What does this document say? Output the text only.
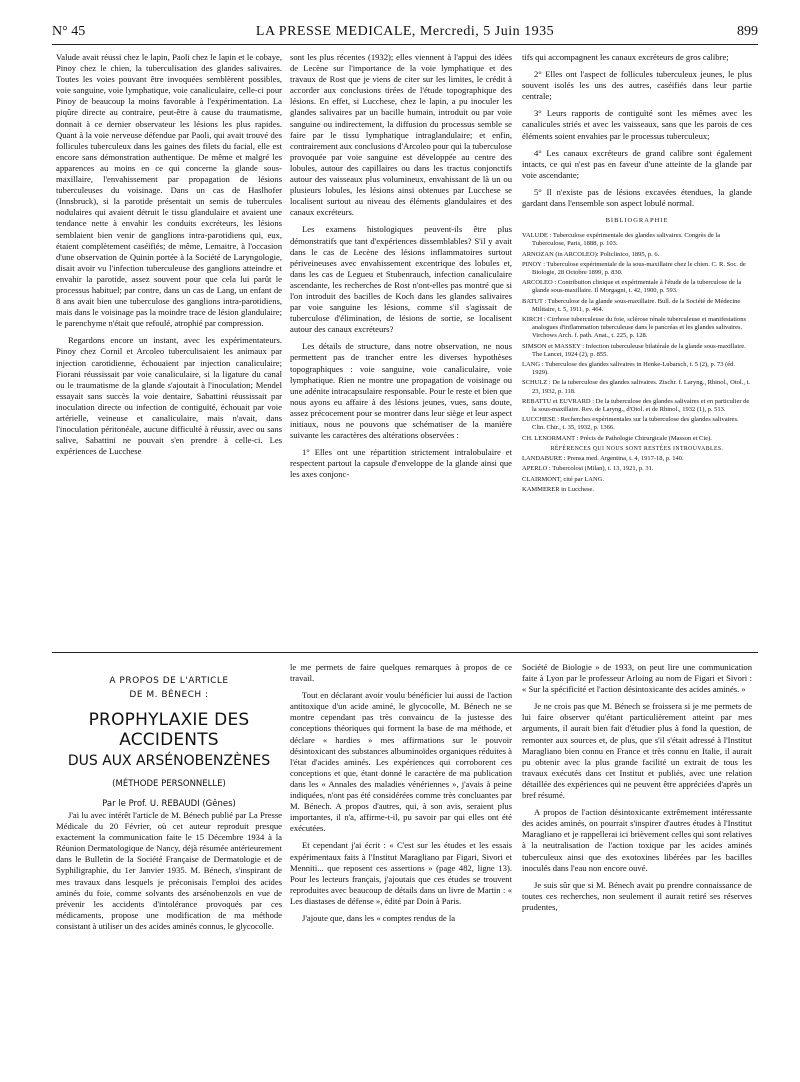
N° 45	LA PRESSE MEDICALE, Mercredi, 5 Juin 1935	899

Valude avait réussi chez le lapin, Paoli chez le lapin et le cobaye, Pinoy chez le chien, la tuberculisation des glandes salivaires. Toutes les voies pouvant être invoquées semblèrent possibles, voie sanguine, voie lymphatique, voie canaliculaire, celle-ci pour Pinoy de beaucoup la moins favorable à l'expérimentation. La piqûre directe au contraire, peut-être à cause du traumatisme, donnait à ce dernier observateur les lésions les plus rapides. Quant à la voie nerveuse défendue par Paoli, qui avait trouvé des follicules tuberculeux dans les gaines des filets du facial, elle est encore sans démonstration authentique. De même et malgré les apparences au moins en ce qui concerne la glande sous-maxillaire, l'envahissement par propagation de lésions tuberculeuses du voisinage. Dans un cas de Haslhofer (Innsbruck), si la parotide présentait un semis de tubercules nodulaires qui avaient détruit le tissu glandulaire et avaient une tendance nette à envahir les conduits excréteurs, les lésions semblaient bien venir de ganglions intra-parotidiens qui, eux, étaient complètement caséifiés; de même, Lemaitre, à l'occasion d'une observation de Quinin portée à la Société de Laryngologie, disait avoir vu l'infection tuberculeuse des ganglions atteindre et envahir la parotide, assez souvent pour que cela lui parût le processus habituel; par contre, dans un cas de Lang, un enfant de 8 ans avait bien une tuberculose des ganglions intra-parotidiens, mais dans le voisinage pas la moindre trace de lésion glandulaire; le parenchyme n'était que refoulé, atrophié par compression.

Regardons encore un instant, avec les expérimentateurs. Pinoy chez Cornil et Arcoleo tuberculisaient les animaux par injection carotidienne, échouaient par injection canaliculaire; Fiorani réussissait par voie canaliculaire, si la ligature du canal ou le traumatisme de la glande s'ajoutait à l'inoculation; Mendel essayait sans succès la voie dentaire, Sabattini réussissait par inoculation directe ou infection de contiguïté, échouait par voie artérielle, veineuse et canaliculaire, mais n'avait, dans l'inoculation péritonéale, aucune difficulté à réussir, avec ou sans salive, Sabattini ne pouvait s'en prendre à celle-ci. Les expériences de Lucchese

sont les plus récentes (1932); elles viennent à l'appui des idées de Lecène sur l'importance de la voie lymphatique et des travaux de Rost que je viens de citer sur les limites, le crédit à accorder aux conclusions tirées de l'étude topographique des lésions. En effet, si Lucchese, chez le lapin, a pu inoculer les glandes salivaires par un bacille humain, introduit ou par voie sanguine ou indirectement, la diffusion du processus semble se faire par le tissu lymphatique intraglandulaire; et enfin, contrairement aux conclusions d'Arcoleo pour qui la tuberculose provoquée par voie sanguine est développée au centre des lobules, autour des capillaires ou dans les tractus conjonctifs autour des vaisseaux plus volumineux, envahissant de là un ou plusieurs lobules, les lésions ainsi obtenues par Lucchese se localisent surtout au niveau des éléments glandulaires et des canaux excréteurs.

Les examens histologiques peuvent-ils être plus démonstratifs que tant d'expériences dissemblables? S'il y avait dans le cas de Lecène des lésions inflammatoires surtout périveineuses avec envahissement excentrique des lobules et, dans les cas de Legueu et Stubenrauch, infection canaliculaire ascendante, les recherches de Rost n'ont-elles pas montré que si l'on introduit des bacilles de Koch dans les glandes salivaires par voie sanguine les lésions, comme s'il s'agissait de tuberculose d'élimination, de lésions de sortie, se localisent autour des canaux excréteurs?

Les détails de structure, dans notre observation, ne nous permettent pas de trancher entre les diverses hypothèses topographiques : voie sanguine, voie canaliculaire, voie lymphatique. Rien ne montre une propagation de voisinage ou une adénite intracapsulaire responsable. Pour le reste et bien que nous ayons eu affaire à des lésions jeunes, vues, sans doute, assez précocement pour se montrer dans leur siège et leur aspect initiaux, nous ne pouvons que schématiser de la manière suivante les caractères des altérations observées :

1° Elles ont une répartition strictement intralobulaire et respectent partout la capsule d'enveloppe de la glande ainsi que les axes conjonc-

tifs qui accompagnent les canaux excréteurs de gros calibre;

2° Elles ont l'aspect de follicules tuberculeux jeunes, le plus souvent isolés les uns des autres, caséifiés dans leur partie centrale;

3° Leurs rapports de contiguïté sont les mêmes avec les canalicules striés et avec les vaisseaux, sans que les parois de ces éléments soient envahies par le processus tuberculeux;

4° Les canaux excréteurs de grand calibre sont également intacts, ce qui n'est pas en faveur d'une atteinte de la glande par voie ascendante;

5° Il n'existe pas de lésions excavées étendues, la glande gardant dans l'ensemble son aspect lobulé normal.

BIBLIOGRAPHIE
VALUDE : Tuberculose expérimentale des glandes salivaires. Congrès de la Tuberculose, Paris, 1888, p. 103.
ARNOZAN (in ARCOLEO): Policlinico, 1895, p. 6.
PINOY : Tuberculose expérimentale de la sous-maxillaire chez le chien. C. R. Soc. de Biologie, 28 Octobre 1899, p. 830.
ARCOLEO : Contribution clinique et expérimentale à l'étude de la tuberculose de la glande sous-maxillaire. Il Morgagni, t. 42, 1900, p. 593.
BATUT : Tuberculose de la glande sous-maxillaire. Bull. de la Société de Médecine Militaire, t. 5, 1911, p. 464.
KIRCH : Cirrhose tuberculeuse du foie, sclérose rénale tuberculeuse et manifestations analogues d'inflammation tuberculeuse dans le pancréas et les glandes salivaires. Virchows Arch. f. path. Anat., t. 225, p. 128.
SIMSON et MASSEY : Infection tuberculeuse bilatérale de la glande sous-maxillaire. The Lancet, 1924 (2), p. 855.
LANG : Tuberculose des glandes salivaires in Henke-Lubarsch, t. 5 (2), p. 73 (éd. 1929).
SCHULZ : De la tuberculose des glandes salivaires. Ztschr. f. Laryng., Rhinol., Otol., t. 23, 1932, p. 118.
REBATTU et EUVRARD : De la tuberculose des glandes salivaires et en particulier de la sous-maxillaire. Rev. de Laryng., d'Otol. et de Rhinol., 1932 (1), p. 513.
LUCCHESE : Recherches expérimentales sur la tuberculose des glandes salivaires. Clin. Chir., t. 35, 1932, p. 1366.
CH. LENORMANT : Précis de Pathologie Chirurgicale (Masson et Cie).
RÉFÉRENCES QUI NOUS SONT RESTÉES INTROUVABLES.
LANDABURE : Prensa med. Argentina, t. 4, 1917-18, p. 140.
APERLO : Tubercolosi (Milan), t. 13, 1921, p. 31.
CLAIRMONT, cité par LANG.
KAMMERER in Lucchese.
A PROPOS DE L'ARTICLE
DE M. BÉNECH :
PROPHYLAXIE DES ACCIDENTS
DUS AUX ARSÉNOBENZÈNES
(MÉTHODE PERSONNELLE)
Par le Prof. U. REBAUDI (Gênes)

J'ai lu avec intérêt l'article de M. Bénech publié par La Presse Médicale du 20 Février, où cet auteur reproduit presque exactement la communication faite le 15 Décembre 1934 à la Réunion Dermatologique de Nancy, déjà résumée antérieurement dans le Bulletin de la Société Française de Dermatologie et de Syphiligraphie, du 1er Janvier 1935. M. Bénech, s'inspirant de mes travaux dans lesquels je préconisais l'emploi des acides aminés du foie, comme solvants des arsénobenzols en vue de prévenir les accidents d'intolérance provoqués par ces médicaments, propose une modification de ma méthode consistant à utiliser un des acides aminés connus, le glycocolle.

le me permets de faire quelques remarques à propos de ce travail.

Tout en déclarant avoir voulu bénéficier lui aussi de l'action antitoxique d'un acide aminé, le glycocolle, M. Bénech ne se montre cependant pas très convaincu de la justesse des conceptions théoriques qui forment la base de ma méthode, et déclare « hardies » mes affirmations sur le pouvoir désintoxicant des substances albuminoïdes organiques réduites à l'état d'acides aminés. Les expériences qui corroborent ces conceptions et que, étant donné le caractère de ma publication dans les « Annales des maladies vénériennes », j'avais à peine indiquées, n'ont pas été considérées comme très concluantes par M. Bénech. A propos d'autres, qui, à son avis, seraient plus importantes, il n'a, affirme-t-il, pu savoir par qui elles ont été exécutées.

Et cependant j'ai écrit : « C'est sur les études et les essais expérimentaux faits à l'Institut Maragliano par Figari, Sivori et Menniti... que reposent ces assertions » (page 482, ligne 13). Pour les lecteurs français, j'ajoutais que ces études se trouvent reproduites avec beaucoup de détails dans un livre de Martin : « Les diastases de défense », édité par Doin à Paris.

J'ajoute que, dans les « comptes rendus de la

Société de Biologie » de 1933, on peut lire une communication faite à Lyon par le professeur Arloing au nom de Figari et Sivori : « Sur la spécificité et l'action désintoxicante des acides aminés. »

Je ne crois pas que M. Bénech se froissera si je me permets de lui faire observer qu'étant particulièrement atteint par mes arguments, il aurait bien fait d'étudier plus à fond la question, de remonter aux sources et, de plus, que s'il s'était adressé à l'Institut Maragliano bien connu en France et très connu en Italie, il aurait pu obtenir avec la plus grande facilité un extrait de tous les travaux exécutés dans cet Institut et publiés, avec une relation détaillée des expériences qui ne peuvent être appréciées d'après un bref résumé.

A propos de l'action désintoxicante extrêmement intéressante des acides aminés, on pourrait s'inspirer d'autres études à l'Institut Maragliano et je rappellerai ici brièvement celles qui sont relatives à la neutralisation de l'action toxique par les acides aminés tuberculeux ainsi que des exotoxines libérées par les bacilles inoculés dans l'eau non encore ouvé.

Je suis sûr que si M. Bénech avait pu prendre connaissance de toutes ces recherches, non seulement il aurait retiré ses réserves prudentes,
